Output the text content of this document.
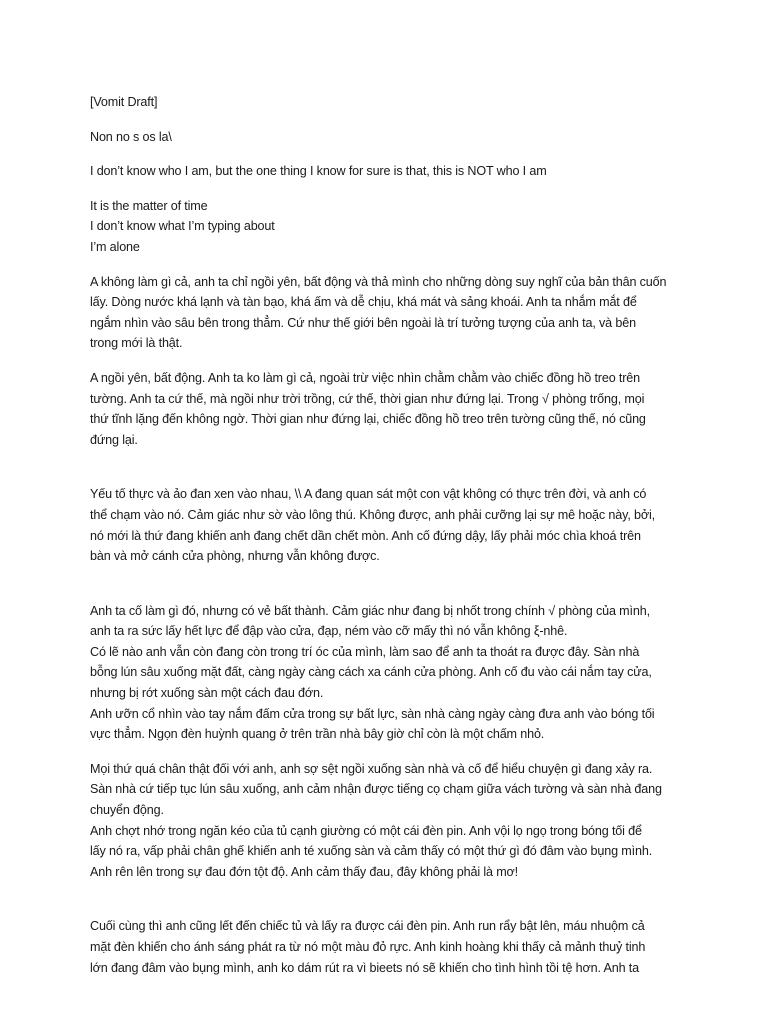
[Vomit Draft]
Non no s os la\
I don’t know who I am, but the one thing I know for sure is that, this is NOT who I am
It is the matter of time
I don’t know what I’m typing about
I’m alone
A không làm gì cả, anh ta chỉ ngồi yên, bất động và thả mình cho những dòng suy nghĩ của bản thân cuốn
lấy. Dòng nước khá lạnh và tàn bạo, khá ấm và dễ chịu, khá mát và sảng khoái. Anh ta nhắm mắt để
ngắm nhìn vào sâu bên trong thẳm. Cứ như thế giới bên ngoài là trí tưởng tượng của anh ta, và bên
trong mới là thật.
A ngồi yên, bất động. Anh ta ko làm gì cả, ngoài trừ việc nhìn chằm chằm vào chiếc đồng hồ treo trên
tường. Anh ta cứ thế, mà ngồi như trời trồng, cứ thế, thời gian như đứng lại. Trong √ phòng trống, mọi
thứ tĩnh lặng đến không ngờ. Thời gian như đứng lại, chiếc đồng hồ treo trên tường cũng thế, nó cũng
đứng lại.
Yếu tố thực và ảo đan xen vào nhau, \\ A đang quan sát một con vật không có thực trên đời, và anh có
thể chạm vào nó. Cảm giác như sờ vào lông thú. Không được, anh phải cưỡng lại sự mê hoặc này, bởi,
nó mới là thứ đang khiến anh đang chết dần chết mòn. Anh cố đứng dậy, lấy phải móc chìa khoá trên
bàn và mở cánh cửa phòng, nhưng vẫn không được.
Anh ta cố làm gì đó, nhưng có vẻ bất thành. Cảm giác như đang bị nhốt trong chính √ phòng của mình,
anh ta ra sức lấy hết lực để đập vào cửa, đạp, ném vào cỡ mấy thì nó vẫn không ξ-nhê.
Có lẽ nào anh vẫn còn đang còn trong trí óc của mình, làm sao để anh ta thoát ra được đây. Sàn nhà
bỗng lún sâu xuống mặt đất, càng ngày càng cách xa cánh cửa phòng. Anh cố đu vào cái nắm tay cửa,
nhưng bị rớt xuống sàn một cách đau đớn.
Anh ưỡn cổ nhìn vào tay nắm đấm cửa trong sự bất lực, sàn nhà càng ngày càng đưa anh vào bóng tối
vực thẳm. Ngọn đèn huỳnh quang ở trên trần nhà bây giờ chỉ còn là một chấm nhỏ.
Mọi thứ quá chân thật đối với anh, anh sợ sệt ngồi xuống sàn nhà và cố để hiểu chuyện gì đang xảy ra.
Sàn nhà cứ tiếp tục lún sâu xuống, anh cảm nhận được tiếng cọ chạm giữa vách tường và sàn nhà đang
chuyển động.
Anh chợt nhớ trong ngăn kéo của tủ cạnh giường có một cái đèn pin. Anh vội lọ ngọ trong bóng tối để
lấy nó ra, vấp phải chân ghế khiến anh té xuống sàn và cảm thấy có một thứ gì đó đâm vào bụng mình.
Anh rên lên trong sự đau đớn tột độ. Anh cảm thấy đau, đây không phải là mơ!
Cuối cùng thì anh cũng lết đến chiếc tủ và lấy ra được cái đèn pin. Anh run rẩy bật lên, máu nhuộm cả
mặt đèn khiến cho ánh sáng phát ra từ nó một màu đỏ rực. Anh kinh hoàng khi thấy cả mảnh thuỷ tinh
lớn đang đâm vào bụng mình, anh ko dám rút ra vì bieets nó sẽ khiến cho tình hình tồi tệ hơn. Anh ta
